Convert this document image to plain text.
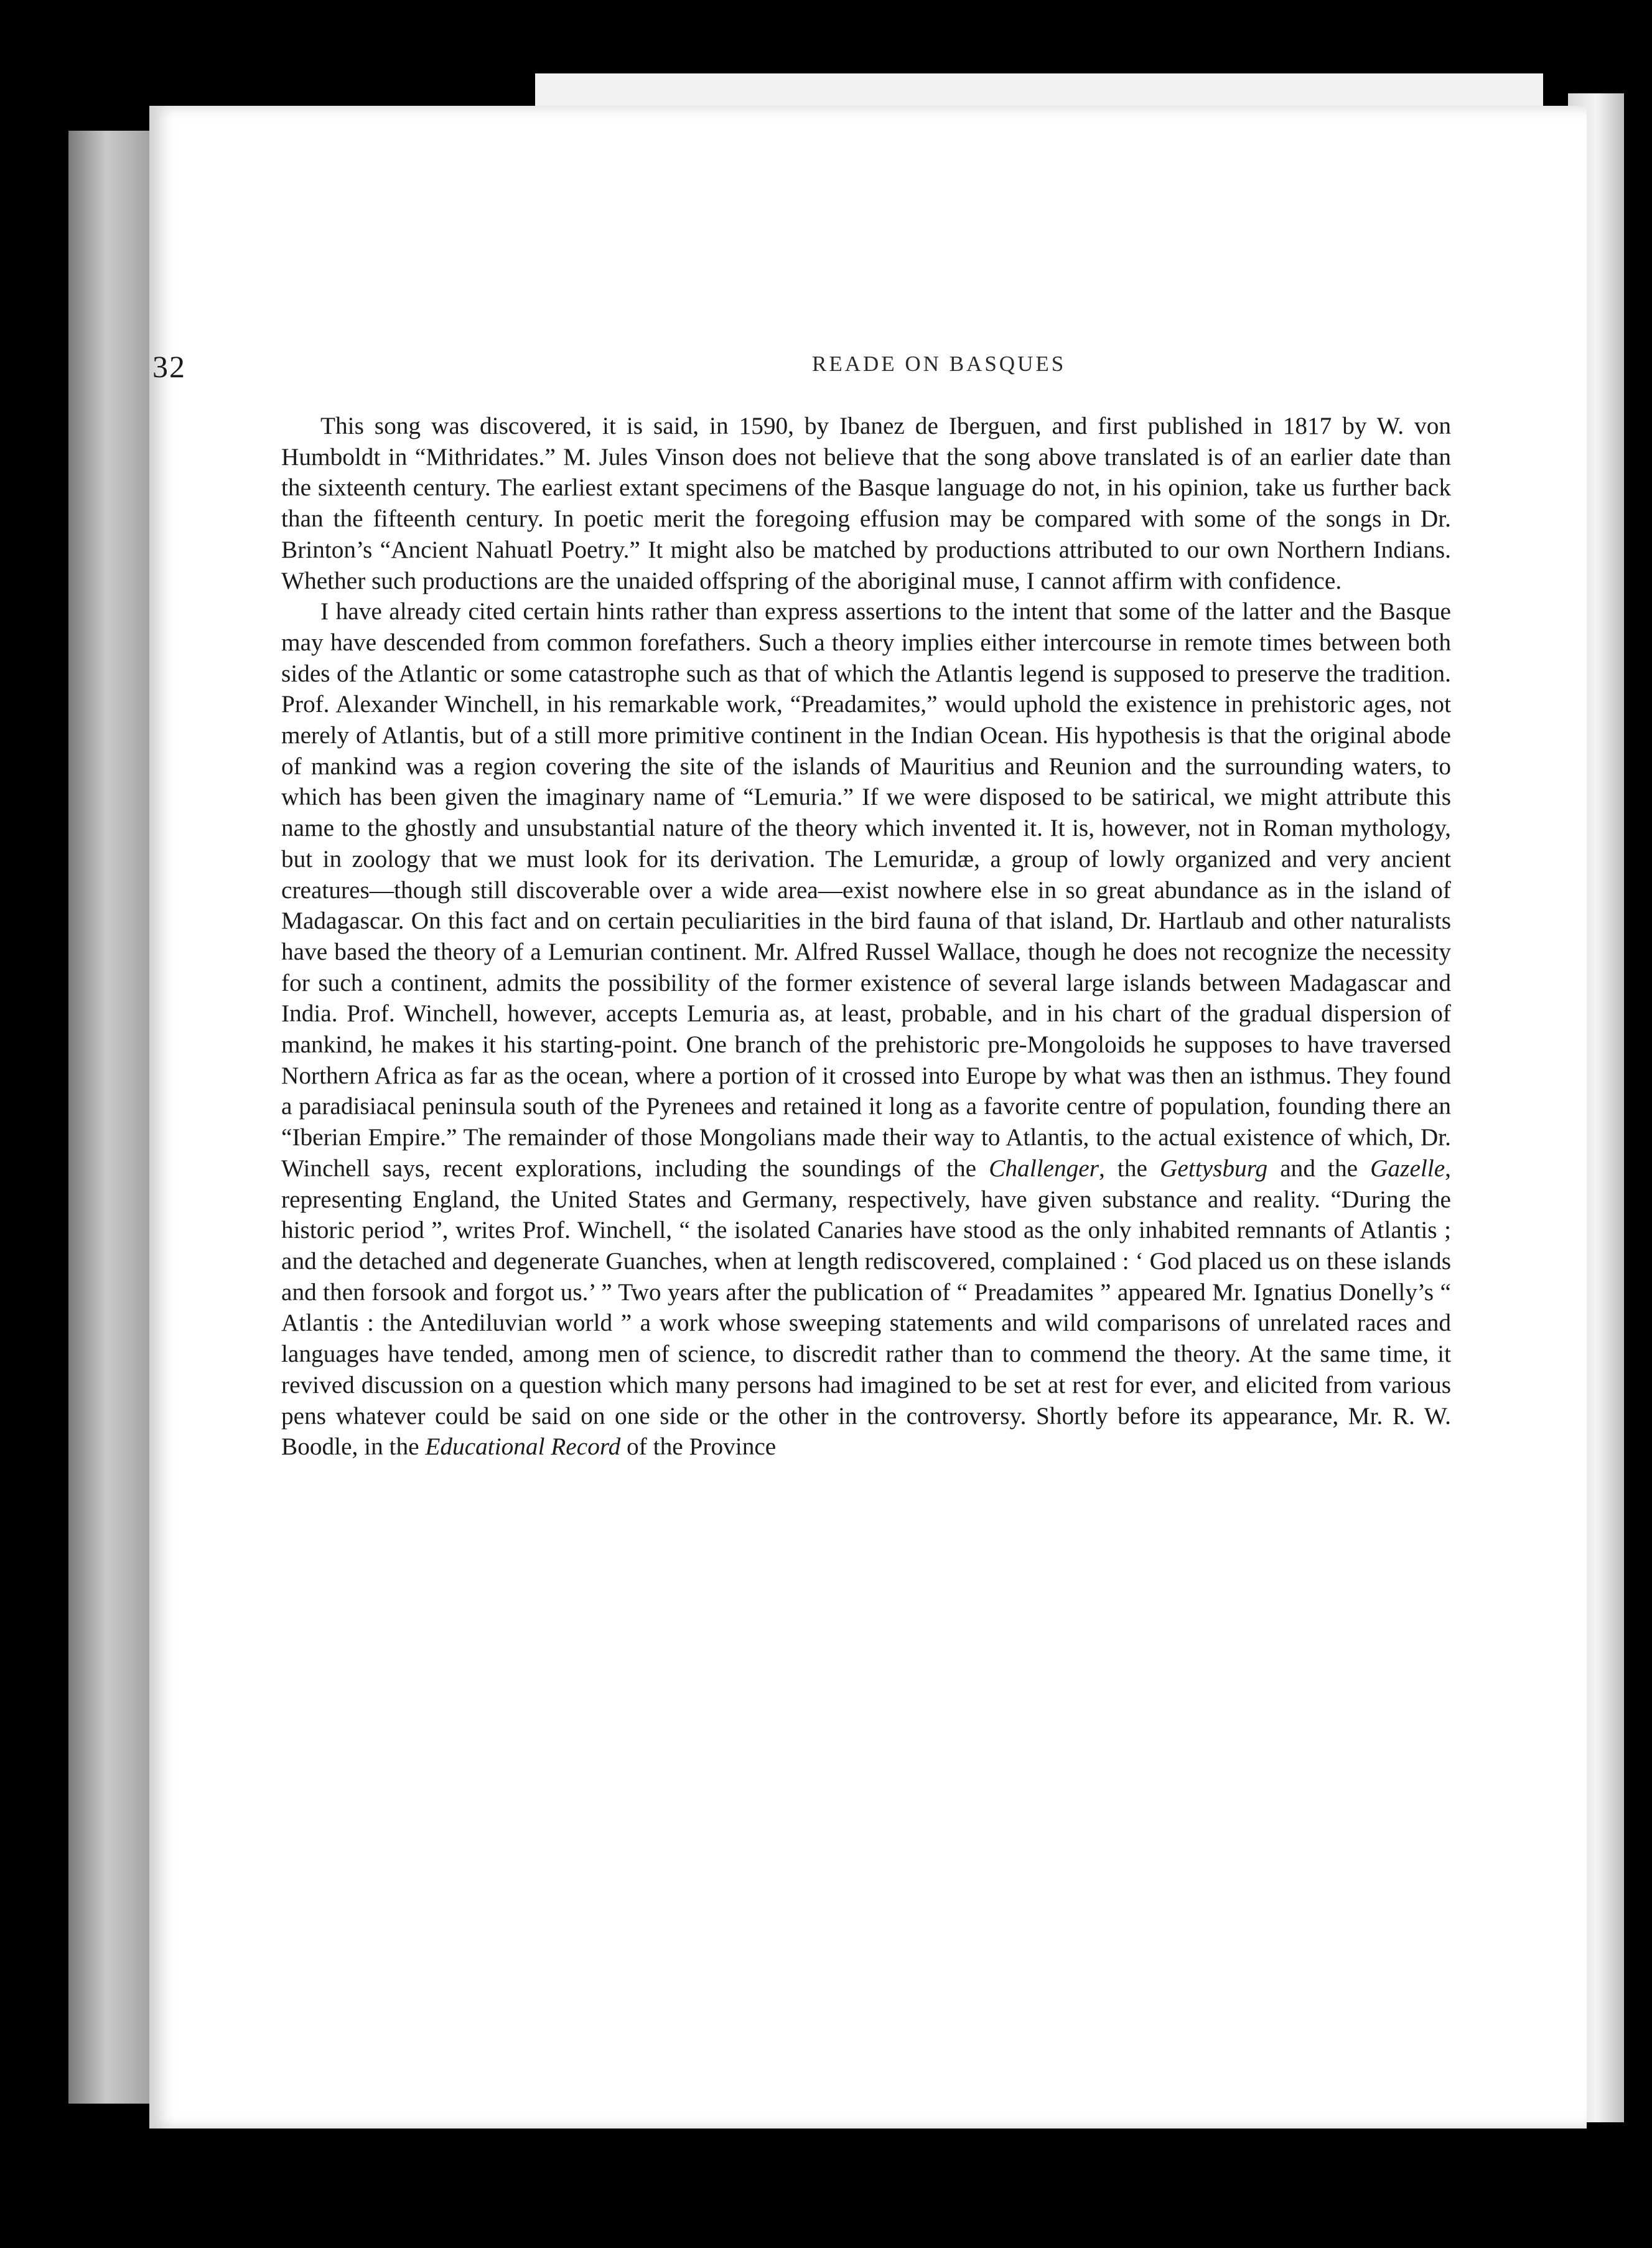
32	READE ON BASQUES

This song was discovered, it is said, in 1590, by Ibanez de Iberguen, and first published in 1817 by W. von Humboldt in “Mithridates.” M. Jules Vinson does not believe that the song above translated is of an earlier date than the sixteenth century. The earliest extant specimens of the Basque language do not, in his opinion, take us further back than the fifteenth century. In poetic merit the foregoing effusion may be compared with some of the songs in Dr. Brinton’s “Ancient Nahuatl Poetry.” It might also be matched by productions attributed to our own Northern Indians. Whether such productions are the unaided offspring of the aboriginal muse, I cannot affirm with confidence.

I have already cited certain hints rather than express assertions to the intent that some of the latter and the Basque may have descended from common forefathers. Such a theory implies either intercourse in remote times between both sides of the Atlantic or some catastrophe such as that of which the Atlantis legend is supposed to preserve the tradition. Prof. Alexander Winchell, in his remarkable work, “Preadamites,” would uphold the existence in prehistoric ages, not merely of Atlantis, but of a still more primitive continent in the Indian Ocean. His hypothesis is that the original abode of mankind was a region covering the site of the islands of Mauritius and Reunion and the surrounding waters, to which has been given the imaginary name of “Lemuria.” If we were disposed to be satirical, we might attribute this name to the ghostly and unsubstantial nature of the theory which invented it. It is, however, not in Roman mythology, but in zoology that we must look for its derivation. The Lemuridæ, a group of lowly organized and very ancient creatures—though still discoverable over a wide area—exist nowhere else in so great abundance as in the island of Madagascar. On this fact and on certain peculiarities in the bird fauna of that island, Dr. Hartlaub and other naturalists have based the theory of a Lemurian continent. Mr. Alfred Russel Wallace, though he does not recognize the necessity for such a continent, admits the possibility of the former existence of several large islands between Madagascar and India. Prof. Winchell, however, accepts Lemuria as, at least, probable, and in his chart of the gradual dispersion of mankind, he makes it his starting-point. One branch of the prehistoric pre-Mongoloids he supposes to have traversed Northern Africa as far as the ocean, where a portion of it crossed into Europe by what was then an isthmus. They found a paradisiacal peninsula south of the Pyrenees and retained it long as a favorite centre of population, founding there an “Iberian Empire.” The remainder of those Mongolians made their way to Atlantis, to the actual existence of which, Dr. Winchell says, recent explorations, including the soundings of the Challenger, the Gettysburg and the Gazelle, representing England, the United States and Germany, respectively, have given substance and reality. “During the historic period ”, writes Prof. Winchell, “ the isolated Canaries have stood as the only inhabited remnants of Atlantis ; and the detached and degenerate Guanches, when at length rediscovered, complained : ‘ God placed us on these islands and then forsook and forgot us.’ ” Two years after the publication of “ Preadamites ” appeared Mr. Ignatius Donelly’s “ Atlantis : the Antediluvian world ” a work whose sweeping statements and wild comparisons of unrelated races and languages have tended, among men of science, to discredit rather than to commend the theory. At the same time, it revived discussion on a question which many persons had imagined to be set at rest for ever, and elicited from various pens whatever could be said on one side or the other in the controversy. Shortly before its appearance, Mr. R. W. Boodle, in the Educational Record of the Province
